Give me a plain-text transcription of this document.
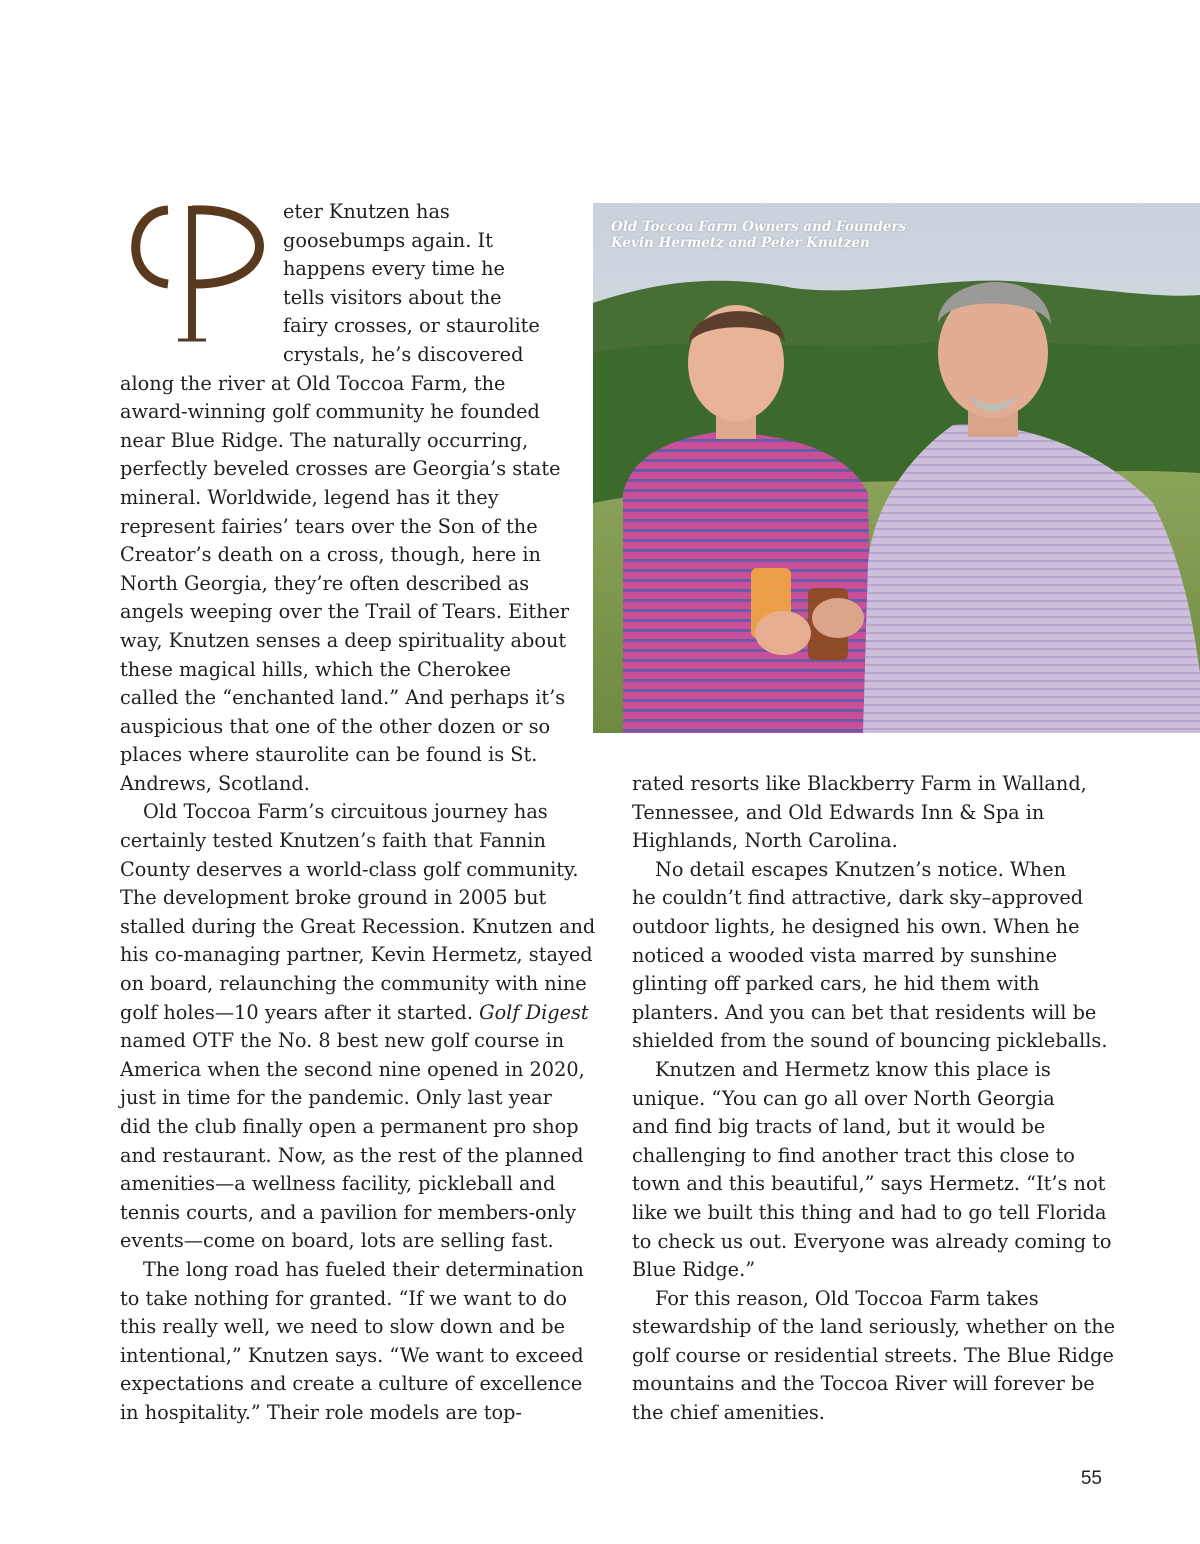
eter Knutzen has
goosebumps again. It
happens every time he
tells visitors about the
fairy crosses, or staurolite
crystals, he’s discovered
along the river at Old Toccoa Farm, the
award-winning golf community he founded
near Blue Ridge. The naturally occurring,
perfectly beveled crosses are Georgia’s state
mineral. Worldwide, legend has it they
represent fairies’ tears over the Son of the
Creator’s death on a cross, though, here in
North Georgia, they’re often described as
angels weeping over the Trail of Tears. Either
way, Knutzen senses a deep spirituality about
these magical hills, which the Cherokee
called the “enchanted land.” And perhaps it’s
auspicious that one of the other dozen or so
places where staurolite can be found is St.
Andrews, Scotland.
Old Toccoa Farm’s circuitous journey has
certainly tested Knutzen’s faith that Fannin
County deserves a world-class golf community.
The development broke ground in 2005 but
stalled during the Great Recession. Knutzen and
his co-managing partner, Kevin Hermetz, stayed
on board, relaunching the community with nine
golf holes—10 years after it started. Golf Digest
named OTF the No. 8 best new golf course in
America when the second nine opened in 2020,
just in time for the pandemic. Only last year
did the club finally open a permanent pro shop
and restaurant. Now, as the rest of the planned
amenities—a wellness facility, pickleball and
tennis courts, and a pavilion for members-only
events—come on board, lots are selling fast.
The long road has fueled their determination
to take nothing for granted. “If we want to do
this really well, we need to slow down and be
intentional,” Knutzen says. “We want to exceed
expectations and create a culture of excellence
in hospitality.” Their role models are top-
Old Toccoa Farm Owners and Founders
Kevin Hermetz and Peter Knutzen
rated resorts like Blackberry Farm in Walland,
Tennessee, and Old Edwards Inn & Spa in
Highlands, North Carolina.
No detail escapes Knutzen’s notice. When
he couldn’t find attractive, dark sky–approved
outdoor lights, he designed his own. When he
noticed a wooded vista marred by sunshine
glinting off parked cars, he hid them with
planters. And you can bet that residents will be
shielded from the sound of bouncing pickleballs.
Knutzen and Hermetz know this place is
unique. “You can go all over North Georgia
and find big tracts of land, but it would be
challenging to find another tract this close to
town and this beautiful,” says Hermetz. “It’s not
like we built this thing and had to go tell Florida
to check us out. Everyone was already coming to
Blue Ridge.”
For this reason, Old Toccoa Farm takes
stewardship of the land seriously, whether on the
golf course or residential streets. The Blue Ridge
mountains and the Toccoa River will forever be
the chief amenities.
55
